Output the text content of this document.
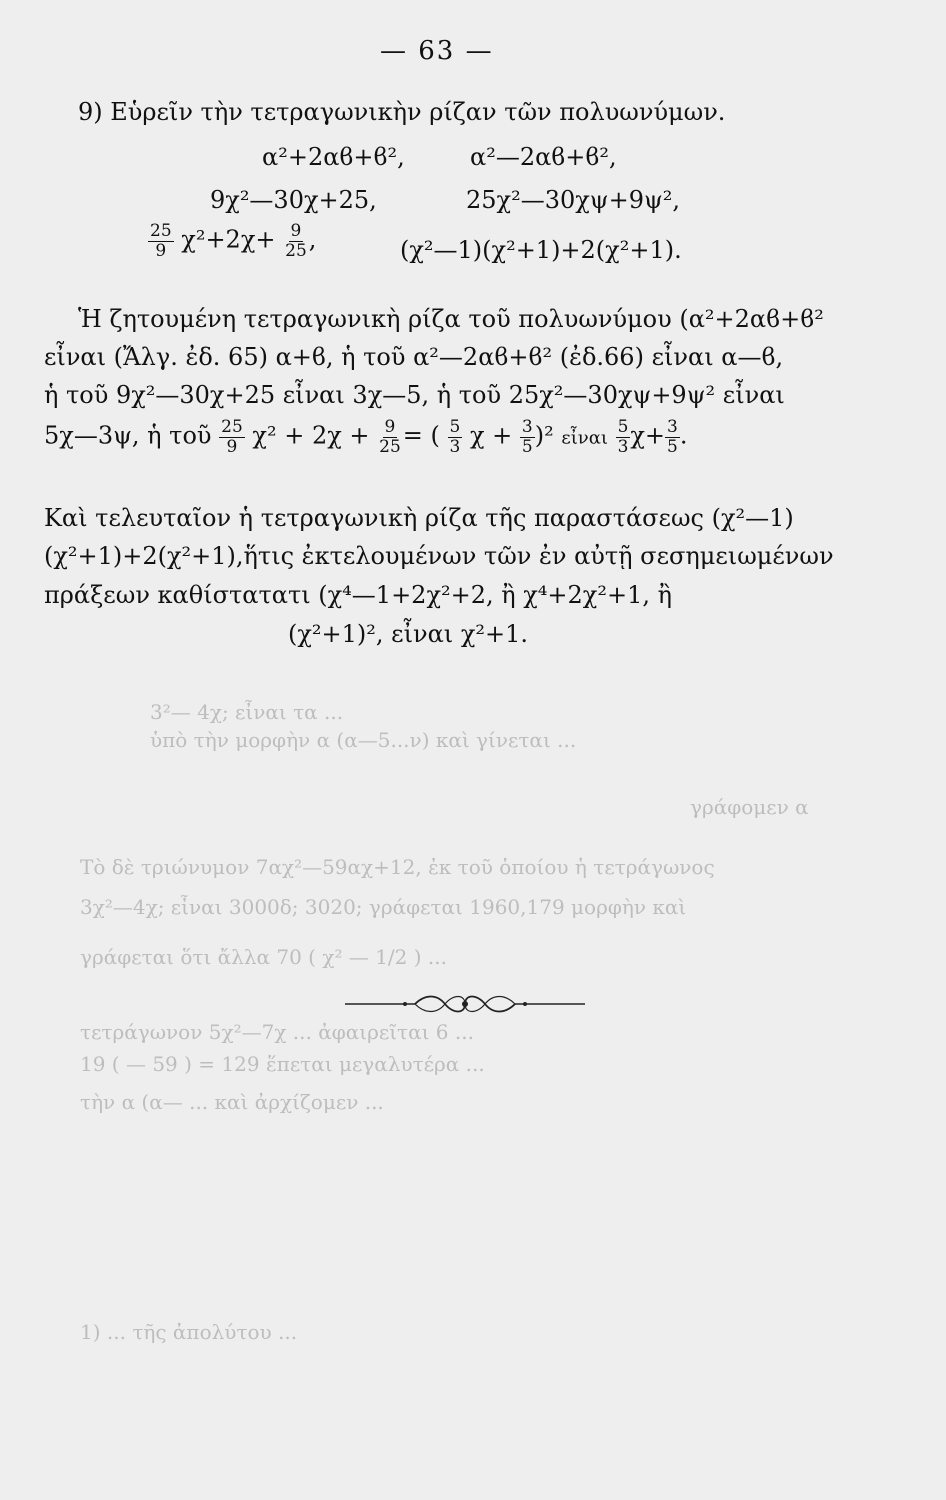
3²— 4χ; εἶναι τα ...
ὑπὸ τὴν μορφὴν α (α—5...ν) καὶ γίνεται ...
γράφομεν α
Τὸ δὲ τριώνυμον 7αχ²—59αχ+12, ἐκ τοῦ ὁποίου ἡ τετράγωνος
3χ²—4χ; εἶναι 3000δ; 3020; γράφεται 1960,179 μορφὴν καὶ
γράφεται ὅτι ἄλλα 70 ( χ² — 1/2 ) ...
τετράγωνον 5χ²—7χ ... ἀφαιρεῖται 6 ...
19 ( — 59 ) = 129 ἕπεται μεγαλυτέρα ...
τὴν α (α— ... καὶ ἀρχίζομεν ...
1) ... τῆς ἀπολύτου ...
— 63 —
9) Εὑρεῖν τὴν τετραγωνικὴν ρίζαν τῶν πολυωνύμων.
α²+2αϐ+ϐ²,	α²—2αϐ+ϐ²,
9χ²—30χ+25,	25χ²—30χψ+9ψ²,
$\frac{25}{9} \chi^2+2\chi+ \frac{9}{25}$ ,	(χ²—1)(χ²+1)+2(χ²+1).
Ἡ ζητουμένη τετραγωνικὴ ρίζα τοῦ πολυωνύμου (α²+2αϐ+ϐ²
εἶναι (Ἄλγ. ἐδ. 65) α+ϐ, ἡ τοῦ α²—2αϐ+ϐ² (ἐδ.66) εἶναι α—ϐ,
ἡ τοῦ 9χ²—30χ+25 εἶναι 3χ—5, ἡ τοῦ 25χ²—30χψ+9ψ² εἶναι
5χ—3ψ, ἡ τοῦ $\frac{25}{9} \chi^2 + 2\chi + \frac{9}{25}$ = ( $\frac{5}{3}$ $\chi + \frac{3}{5} )^2$ εἶναι $\frac{5}{3} \chi+ \frac{3}{5}$ .
Καὶ τελευταῖον ἡ τετραγωνικὴ ρίζα τῆς παραστάσεως (χ²—1)
(χ²+1)+2(χ²+1),ἥτις ἐκτελουμένων τῶν ἐν αὐτῇ σεσημειωμένων
πράξεων καθίστατατι (χ⁴—1+2χ²+2, ἢ χ⁴+2χ²+1, ἢ
(χ²+1)², εἶναι χ²+1.
